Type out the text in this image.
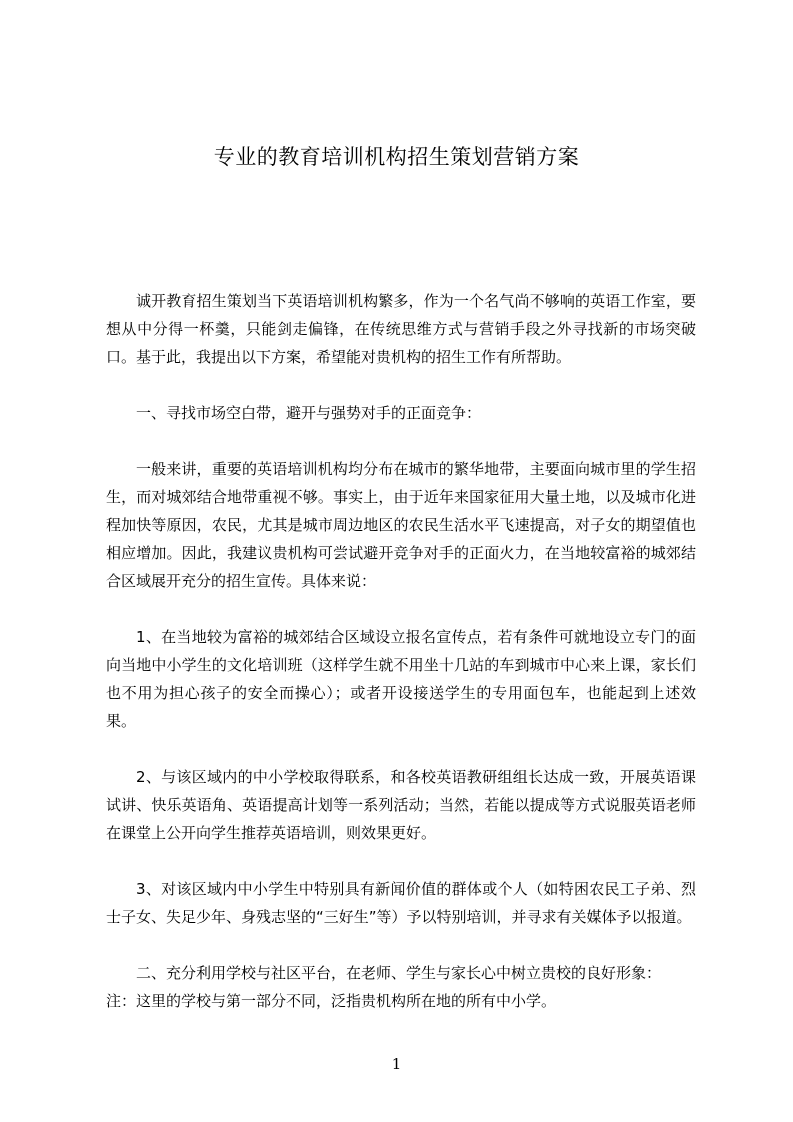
专业的教育培训机构招生策划营销方案

诚开教育招生策划当下英语培训机构繁多，作为一个名气尚不够响的英语工作室，要想从中分得一杯羹，只能剑走偏锋，在传统思维方式与营销手段之外寻找新的市场突破口。基于此，我提出以下方案，希望能对贵机构的招生工作有所帮助。

一、寻找市场空白带，避开与强势对手的正面竞争：

一般来讲，重要的英语培训机构均分布在城市的繁华地带，主要面向城市里的学生招生，而对城郊结合地带重视不够。事实上，由于近年来国家征用大量土地，以及城市化进程加快等原因，农民，尤其是城市周边地区的农民生活水平飞速提高，对子女的期望值也相应增加。因此，我建议贵机构可尝试避开竞争对手的正面火力，在当地较富裕的城郊结合区域展开充分的招生宣传。具体来说：

1、在当地较为富裕的城郊结合区域设立报名宣传点，若有条件可就地设立专门的面向当地中小学生的文化培训班（这样学生就不用坐十几站的车到城市中心来上课，家长们也不用为担心孩子的安全而操心）；或者开设接送学生的专用面包车，也能起到上述效果。

2、与该区域内的中小学校取得联系，和各校英语教研组组长达成一致，开展英语课试讲、快乐英语角、英语提高计划等一系列活动；当然，若能以提成等方式说服英语老师在课堂上公开向学生推荐英语培训，则效果更好。

3、对该区域内中小学生中特别具有新闻价值的群体或个人（如特困农民工子弟、烈士子女、失足少年、身残志坚的“三好生”等）予以特别培训，并寻求有关媒体予以报道。

二、充分利用学校与社区平台，在老师、学生与家长心中树立贵校的良好形象：

注：这里的学校与第一部分不同，泛指贵机构所在地的所有中小学。

1
